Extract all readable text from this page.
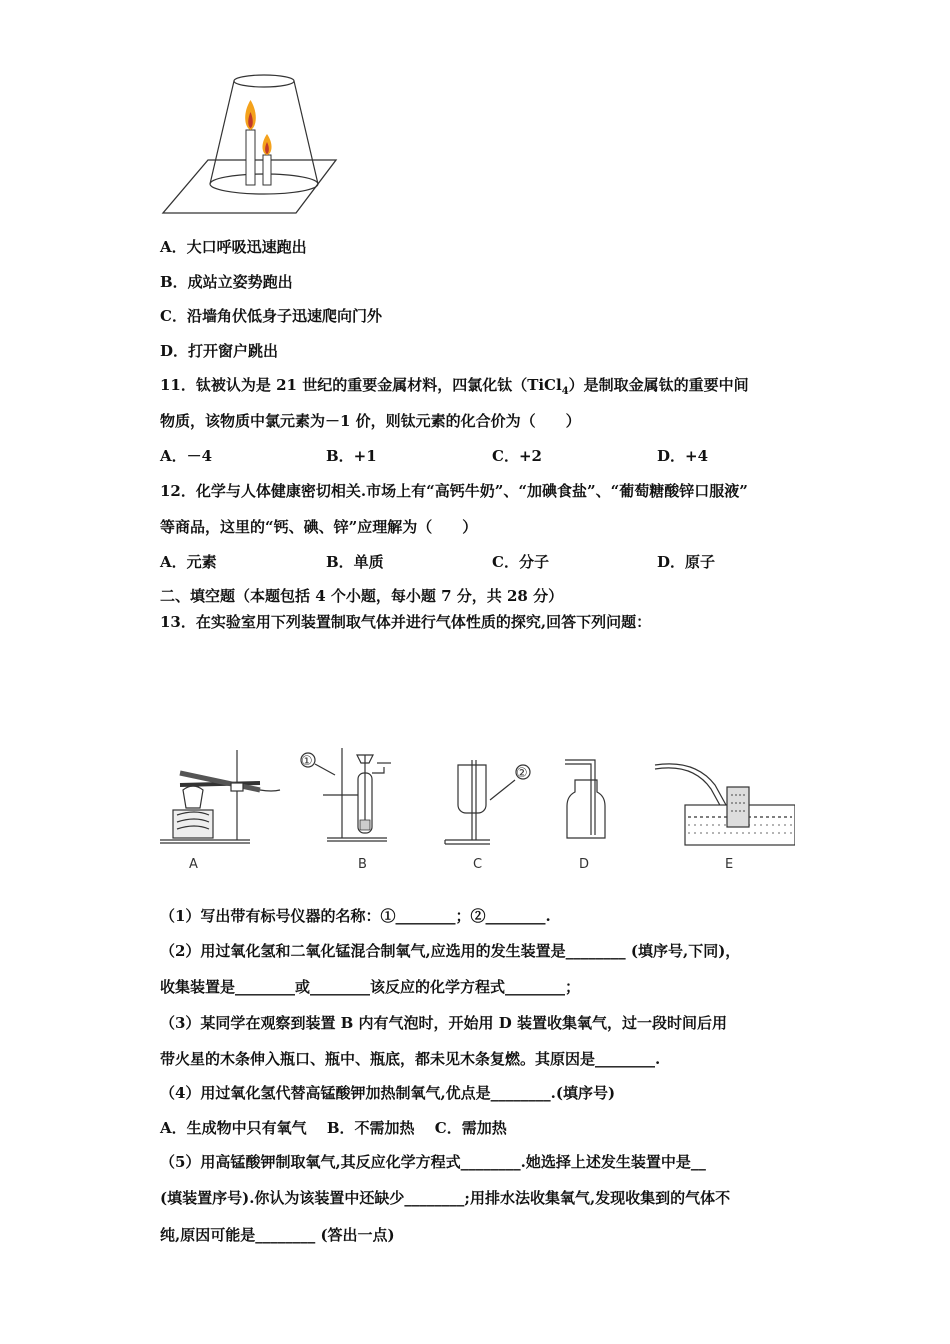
A．大口呼吸迅速跑出
B．成站立姿势跑出
C．沿墙角伏低身子迅速爬向门外
D．打开窗户跳出
11．钛被认为是 21 世纪的重要金属材料，四氯化钛（TiCl$_4$）是制取金属钛的重要中间
物质，该物质中氯元素为－1 价，则钛元素的化合价为（　　）
A．－4	B．+1	C．+2	D．+4
12．化学与人体健康密切相关.市场上有“高钙牛奶”、“加碘食盐”、“葡萄糖酸锌口服液”
等商品，这里的“钙、碘、锌”应理解为（　　）
A．元素	B．单质	C．分子	D．原子
二、填空题（本题包括 4 个小题，每小题 7 分，共 28 分）
13．在实验室用下列装置制取气体并进行气体性质的探究,回答下列问题：
A	B	C	D	E
①
②
（1）写出带有标号仪器的名称：①________；②________.
（2）用过氧化氢和二氧化锰混合制氧气,应选用的发生装置是________ (填序号,下同)，
收集装置是________或________该反应的化学方程式________；
（3）某同学在观察到装置 B 内有气泡时，开始用 D 装置收集氧气，过一段时间后用
带火星的木条伸入瓶口、瓶中、瓶底，都未见木条复燃。其原因是________.
（4）用过氧化氢代替高锰酸钾加热制氧气,优点是________.(填序号)
A．生成物中只有氧气　 B．不需加热　 C．需加热
（5）用高锰酸钾制取氧气,其反应化学方程式________.她选择上述发生装置中是__
(填装置序号).你认为该装置中还缺少________;用排水法收集氧气,发现收集到的气体不
纯,原因可能是________ (答出一点)
